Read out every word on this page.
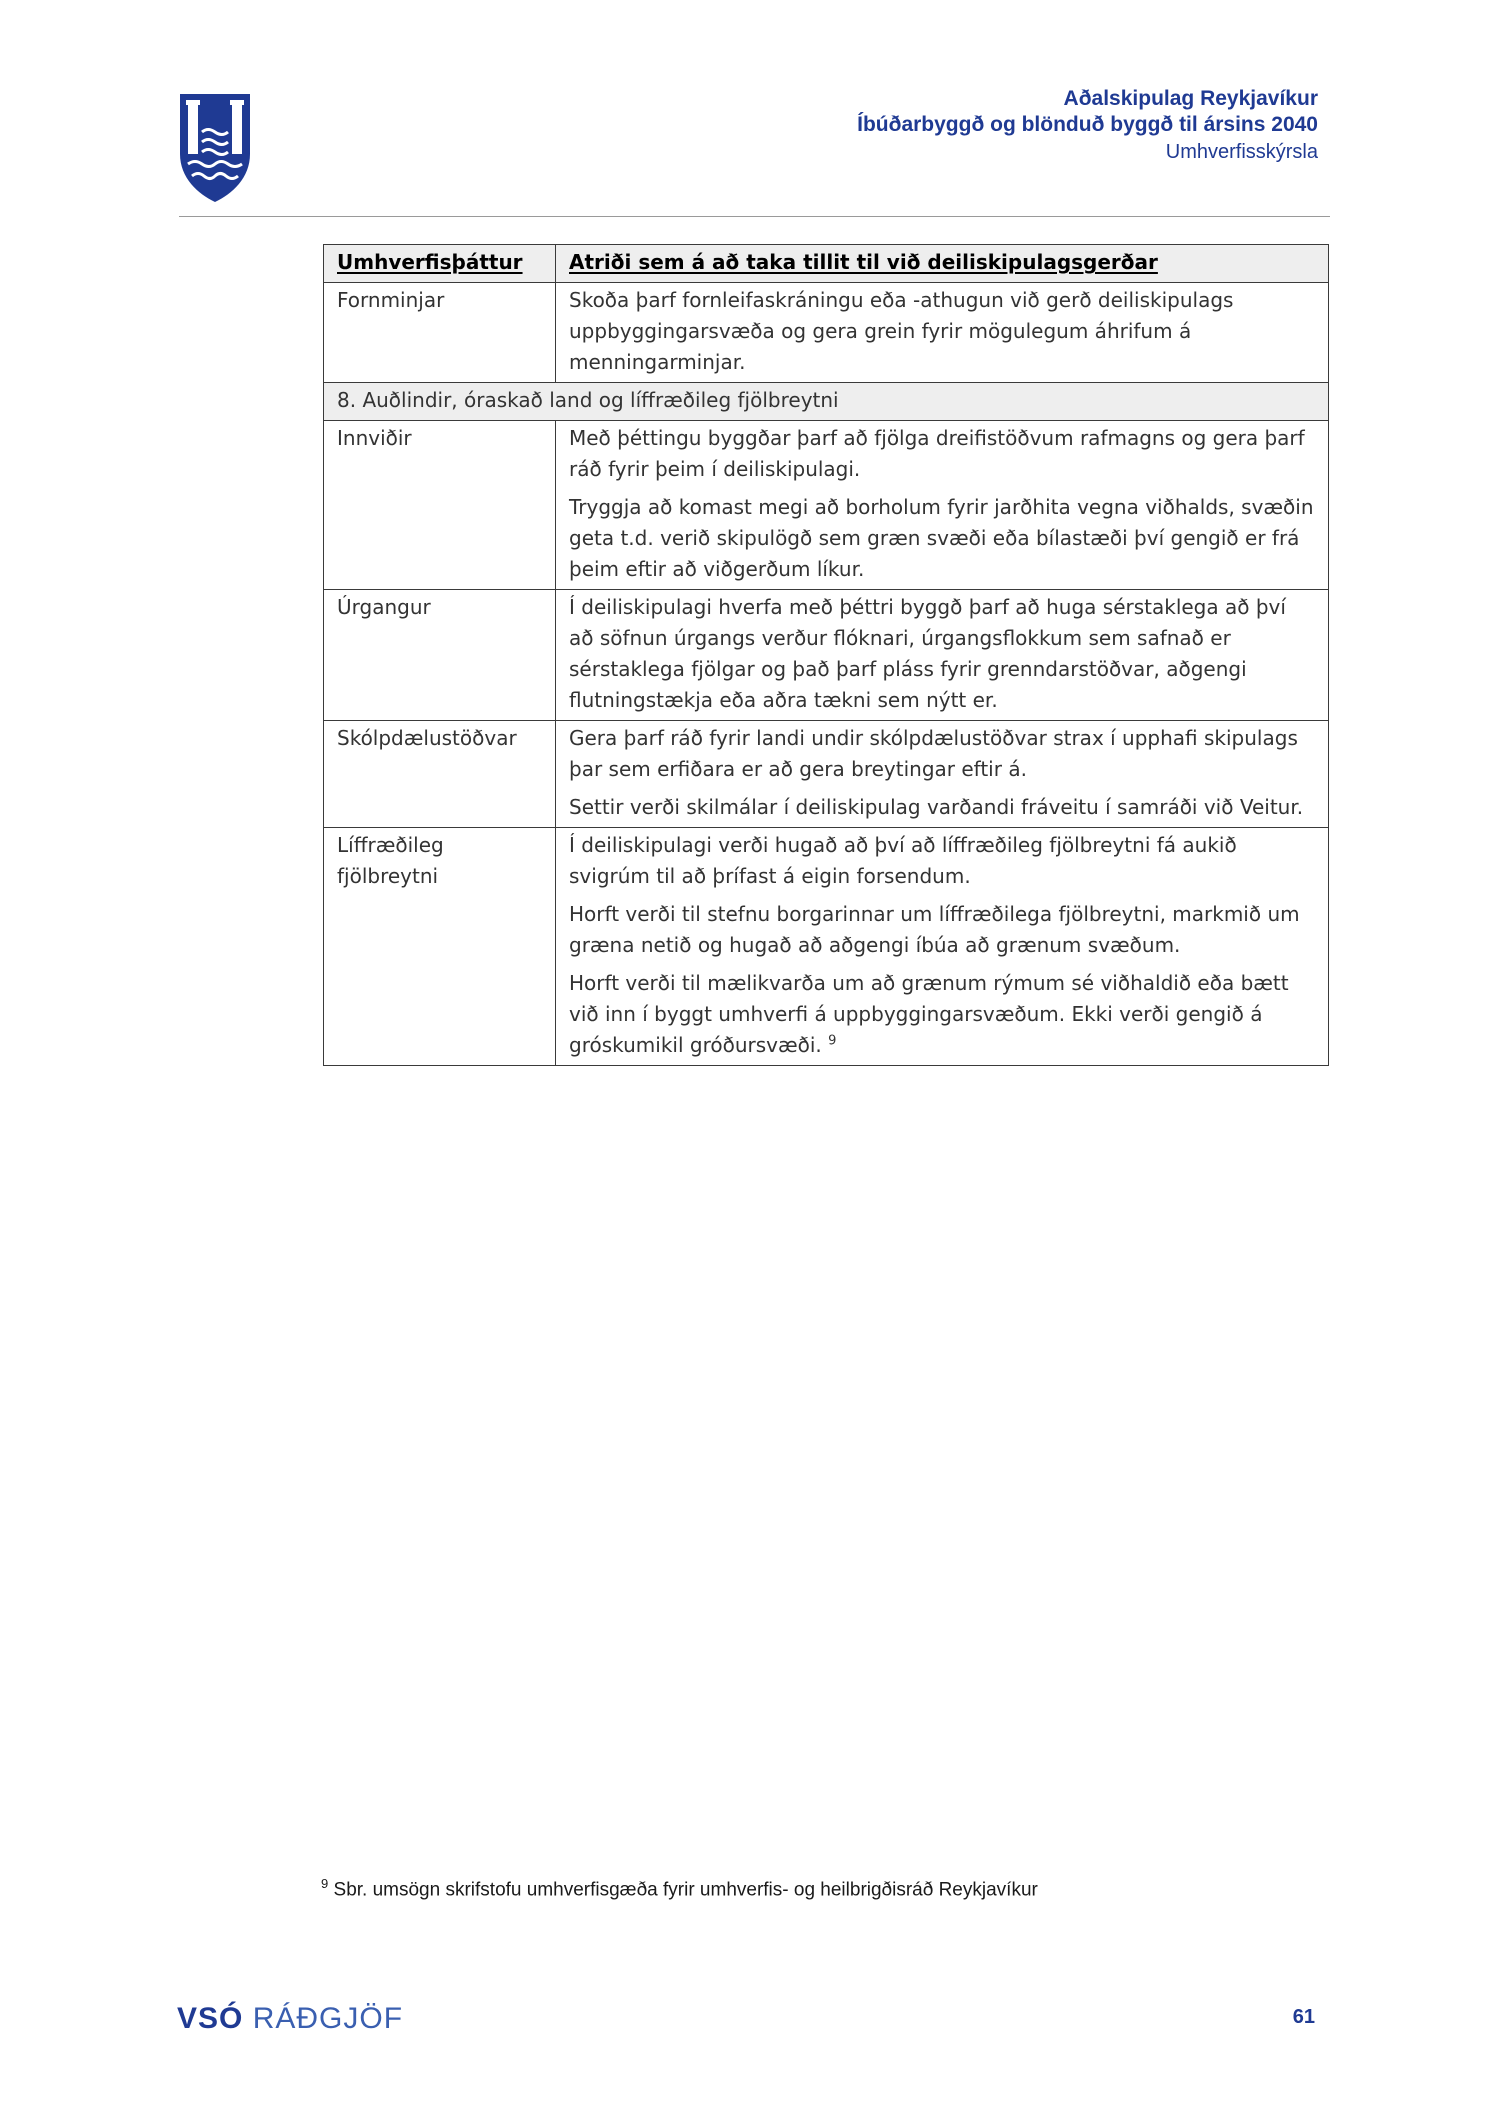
Aðalskipulag Reykjavíkur
Íbúðarbyggð og blönduð byggð til ársins 2040
Umhverfisskýrsla
Umhverfisþáttur	Atriði sem á að taka tillit til við deiliskipulagsgerðar
Fornminjar	Skoða þarf fornleifaskráningu eða -athugun við gerð deiliskipulags uppbyggingarsvæða og gera grein fyrir mögulegum áhrifum á menningarminjar.

8. Auðlindir, óraskað land og líffræðileg fjölbreytni	
Innviðir	Með þéttingu byggðar þarf að fjölga dreifistöðvum rafmagns og gera þarf ráð fyrir þeim í deiliskipulagi.

Tryggja að komast megi að borholum fyrir jarðhita vegna viðhalds, svæðin geta t.d. verið skipulögð sem græn svæði eða bílastæði því gengið er frá þeim eftir að viðgerðum líkur.

Úrgangur	Í deiliskipulagi hverfa með þéttri byggð þarf að huga sérstaklega að því að söfnun úrgangs verður flóknari, úrgangsflokkum sem safnað er sérstaklega fjölgar og það þarf pláss fyrir grenndarstöðvar, aðgengi flutningstækja eða aðra tækni sem nýtt er.

Skólpdælustöðvar	Gera þarf ráð fyrir landi undir skólpdælustöðvar strax í upphafi skipulags þar sem erfiðara er að gera breytingar eftir á.

Settir verði skilmálar í deiliskipulag varðandi fráveitu í samráði við Veitur.

Líffræðileg fjölbreytni	Í deiliskipulagi verði hugað að því að líffræðileg fjölbreytni fá aukið svigrúm til að þrífast á eigin forsendum.

Horft verði til stefnu borgarinnar um líffræðilega fjölbreytni, markmið um græna netið og hugað að aðgengi íbúa að grænum svæðum.

Horft verði til mælikvarða um að grænum rýmum sé viðhaldið eða bætt við inn í byggt umhverfi á uppbyggingarsvæðum. Ekki verði gengið á gróskumikil gróðursvæði. $^9$

$^9$ Sbr. umsögn skrifstofu umhverfisgæða fyrir umhverfis- og heilbrigðisráð Reykjavíkur
VSÓ RÁÐGJÖF	61
